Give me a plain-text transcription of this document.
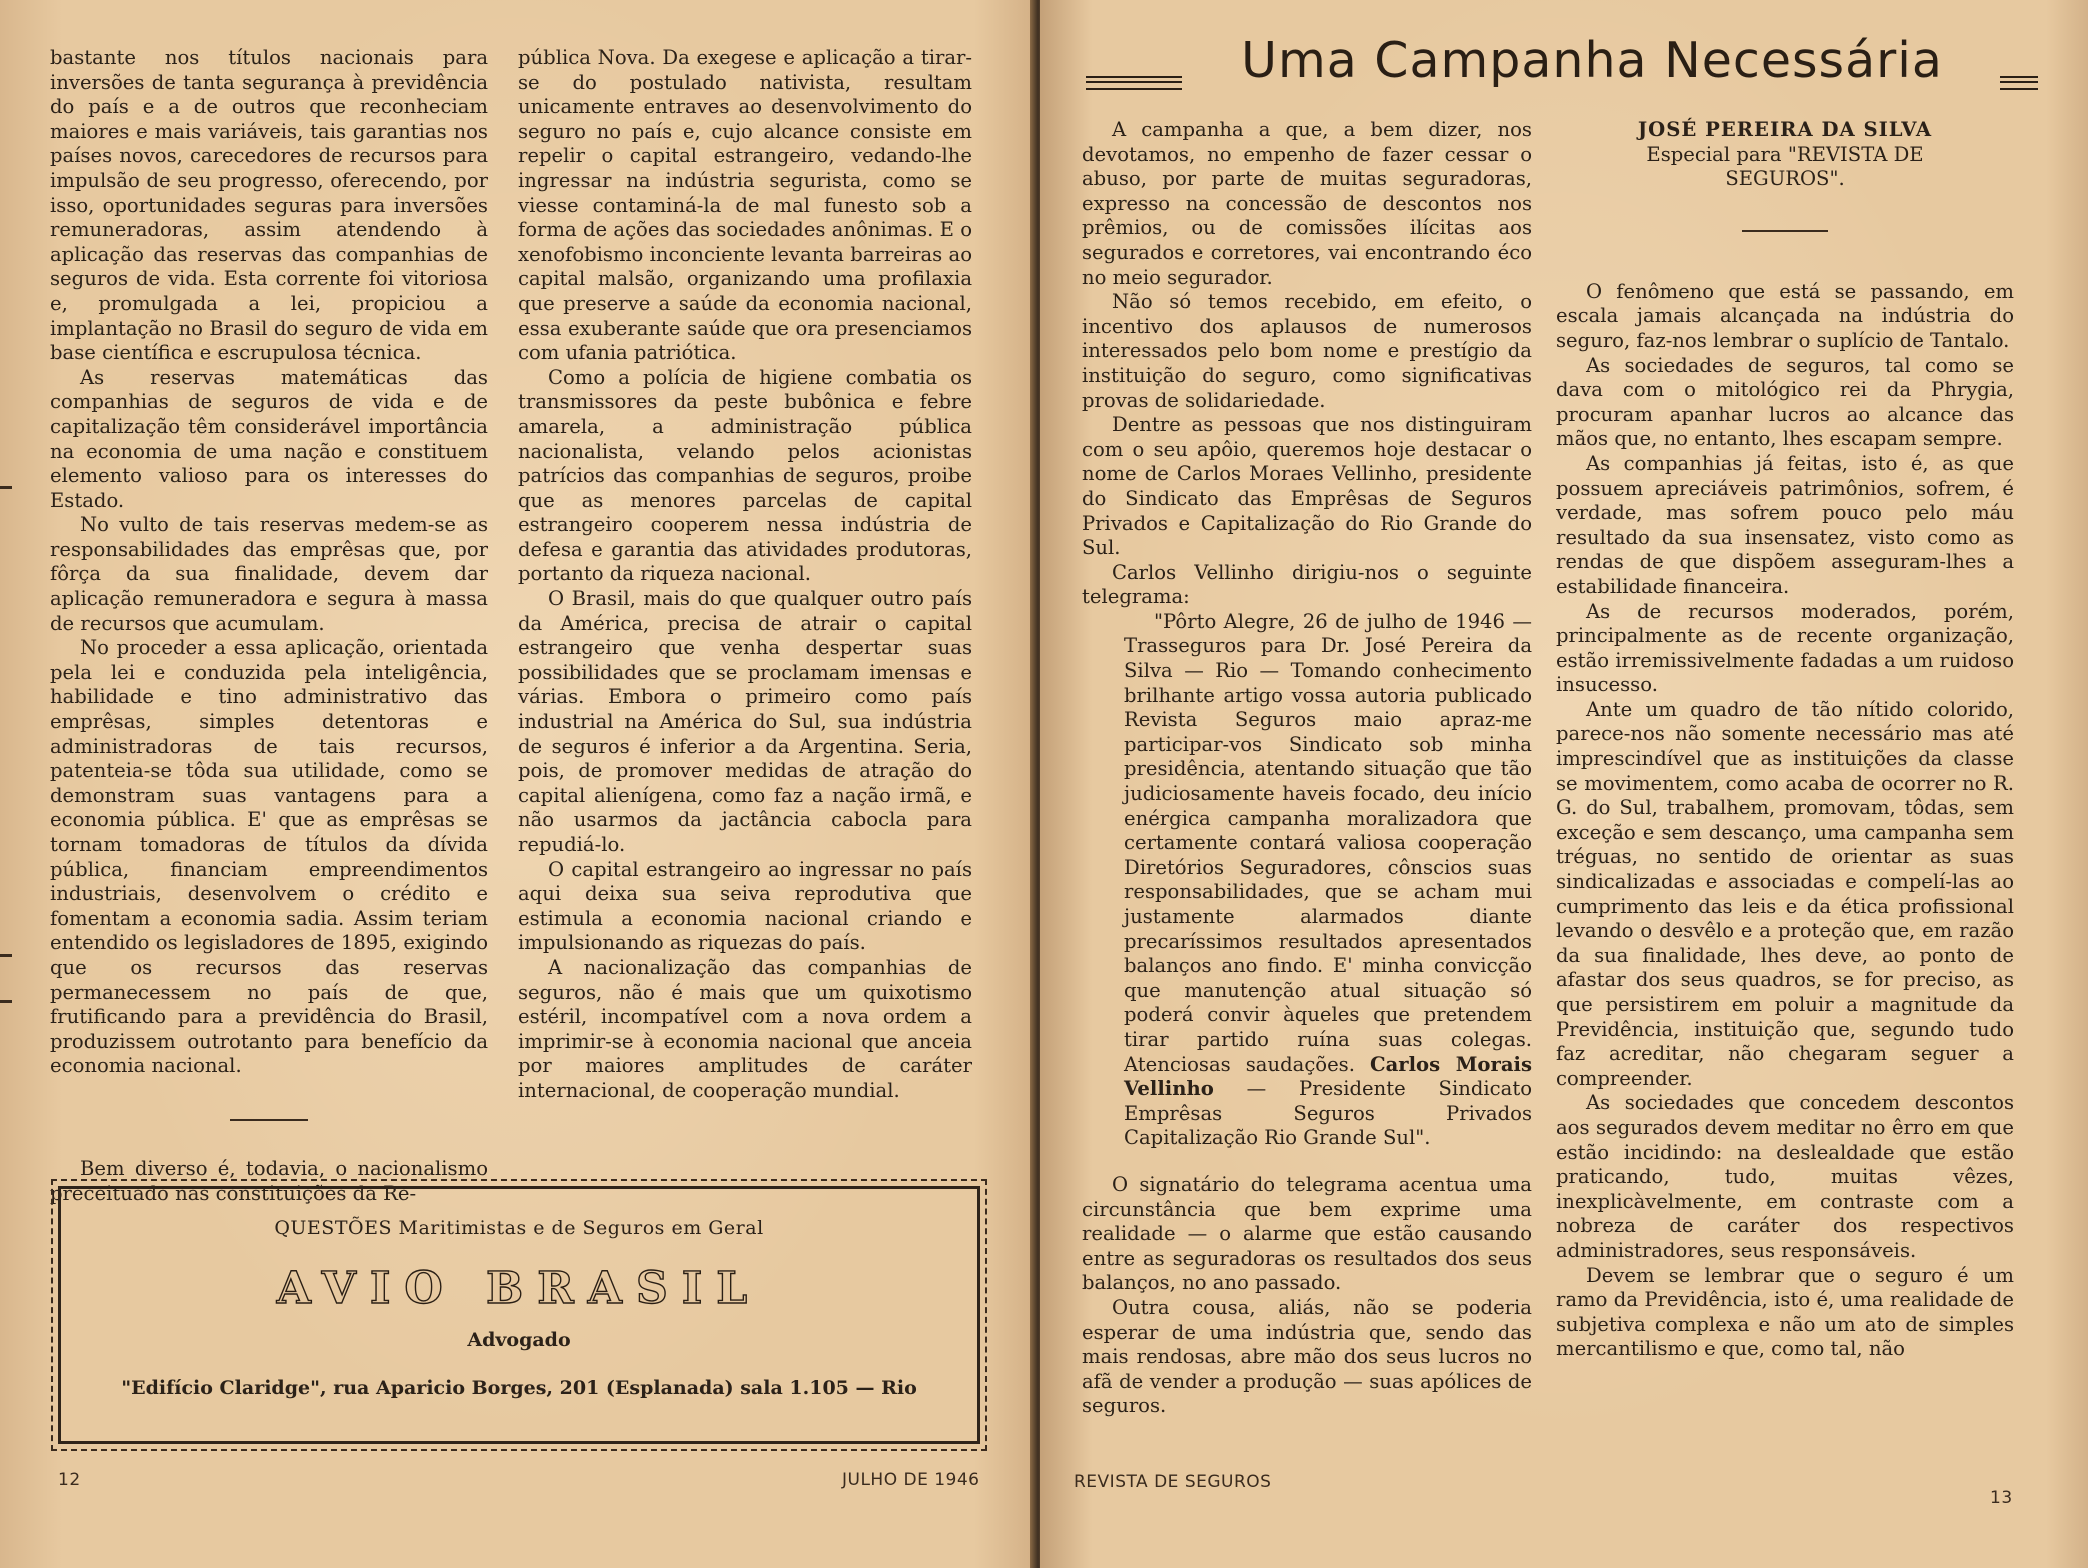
bastante nos títulos nacionais para inversões de tanta segurança à previdência do país e a de outros que reconheciam maiores e mais variáveis, tais garantias nos países novos, carecedores de recursos para impulsão de seu progresso, oferecendo, por isso, oportunidades seguras para inversões remuneradoras, assim atendendo à aplicação das reservas das companhias de seguros de vida. Esta corrente foi vitoriosa e, promulgada a lei, propiciou a implantação no Brasil do seguro de vida em base científica e escrupulosa técnica.

As reservas matemáticas das companhias de seguros de vida e de capitalização têm considerável importância na economia de uma nação e constituem elemento valioso para os interesses do Estado.

No vulto de tais reservas medem-se as responsabilidades das emprêsas que, por fôrça da sua finalidade, devem dar aplicação remuneradora e segura à massa de recursos que acumulam.

No proceder a essa aplicação, orientada pela lei e conduzida pela inteligência, habilidade e tino administrativo das emprêsas, simples detentoras e administradoras de tais recursos, patenteia-se tôda sua utilidade, como se demonstram suas vantagens para a economia pública. E' que as emprêsas se tornam tomadoras de títulos da dívida pública, financiam empreendimentos industriais, desenvolvem o crédito e fomentam a economia sadia. Assim teriam entendido os legisladores de 1895, exigindo que os recursos das reservas permanecessem no país de que, frutificando para a previdência do Brasil, produzissem outrotanto para benefício da economia nacional.

Bem diverso é, todavia, o nacionalismo preceituado nas constituições da Re-

pública Nova. Da exegese e aplicação a tirar-se do postulado nativista, resultam unicamente entraves ao desenvolvimento do seguro no país e, cujo alcance consiste em repelir o capital estrangeiro, vedando-lhe ingressar na indústria segurista, como se viesse contaminá-la de mal funesto sob a forma de ações das sociedades anônimas. E o xenofobismo inconciente levanta barreiras ao capital malsão, organizando uma profilaxia que preserve a saúde da economia nacional, essa exuberante saúde que ora presenciamos com ufania patriótica.

Como a polícia de higiene combatia os transmissores da peste bubônica e febre amarela, a administração pública nacionalista, velando pelos acionistas patrícios das companhias de seguros, proibe que as menores parcelas de capital estrangeiro cooperem nessa indústria de defesa e garantia das atividades produtoras, portanto da riqueza nacional.

O Brasil, mais do que qualquer outro país da América, precisa de atrair o capital estrangeiro que venha despertar suas possibilidades que se proclamam imensas e várias. Embora o primeiro como país industrial na América do Sul, sua indústria de seguros é inferior a da Argentina. Seria, pois, de promover medidas de atração do capital alienígena, como faz a nação irmã, e não usarmos da jactância cabocla para repudiá-lo.

O capital estrangeiro ao ingressar no país aqui deixa sua seiva reprodutiva que estimula a economia nacional criando e impulsionando as riquezas do país.

A nacionalização das companhias de seguros, não é mais que um quixotismo estéril, incompatível com a nova ordem a imprimir-se à economia nacional que anceia por maiores amplitudes de caráter internacional, de cooperação mundial.

QUESTÕES Maritimistas e de Seguros em Geral
AVIO BRASIL
Advogado
"Edifício Claridge", rua Aparicio Borges, 201 (Esplanada) sala 1.105 — Rio
12	JULHO DE 1946
Uma Campanha Necessária

A campanha a que, a bem dizer, nos devotamos, no empenho de fazer cessar o abuso, por parte de muitas seguradoras, expresso na concessão de descontos nos prêmios, ou de comissões ilícitas aos segurados e corretores, vai encontrando éco no meio segurador.

Não só temos recebido, em efeito, o incentivo dos aplausos de numerosos interessados pelo bom nome e prestígio da instituição do seguro, como significativas provas de solidariedade.

Dentre as pessoas que nos distinguiram com o seu apôio, queremos hoje destacar o nome de Carlos Moraes Vellinho, presidente do Sindicato das Emprêsas de Seguros Privados e Capitalização do Rio Grande do Sul.

Carlos Vellinho dirigiu-nos o seguinte telegrama:

"Pôrto Alegre, 26 de julho de 1946 — Trasseguros para Dr. José Pereira da Silva — Rio — Tomando conhecimento brilhante artigo vossa autoria publicado Revista Seguros maio apraz-me participar-vos Sindicato sob minha presidência, atentando situação que tão judiciosamente haveis focado, deu início enérgica campanha moralizadora que certamente contará valiosa cooperação Diretórios Seguradores, cônscios suas responsabilidades, que se acham mui justamente alarmados diante precaríssimos resultados apresentados balanços ano findo. E' minha convicção que manutenção atual situação só poderá convir àqueles que pretendem tirar partido ruína suas colegas. Atenciosas saudações. Carlos Morais Vellinho — Presidente Sindicato Emprêsas Seguros Privados Capitalização Rio Grande Sul".

O signatário do telegrama acentua uma circunstância que bem exprime uma realidade — o alarme que estão causando entre as seguradoras os resultados dos seus balanços, no ano passado.

Outra cousa, aliás, não se poderia esperar de uma indústria que, sendo das mais rendosas, abre mão dos seus lucros no afã de vender a produção — suas apólices de seguros.

JOSÉ PEREIRA DA SILVA

Especial para "REVISTA DE SEGUROS".

O fenômeno que está se passando, em escala jamais alcançada na indústria do seguro, faz-nos lembrar o suplício de Tantalo.

As sociedades de seguros, tal como se dava com o mitológico rei da Phrygia, procuram apanhar lucros ao alcance das mãos que, no entanto, lhes escapam sempre.

As companhias já feitas, isto é, as que possuem apreciáveis patrimônios, sofrem, é verdade, mas sofrem pouco pelo máu resultado da sua insensatez, visto como as rendas de que dispõem asseguram-lhes a estabilidade financeira.

As de recursos moderados, porém, principalmente as de recente organização, estão irremissivelmente fadadas a um ruidoso insucesso.

Ante um quadro de tão nítido colorido, parece-nos não somente necessário mas até imprescindível que as instituições da classe se movimentem, como acaba de ocorrer no R. G. do Sul, trabalhem, promovam, tôdas, sem exceção e sem descanço, uma campanha sem tréguas, no sentido de orientar as suas sindicalizadas e associadas e compelí-las ao cumprimento das leis e da ética profissional levando o desvêlo e a proteção que, em razão da sua finalidade, lhes deve, ao ponto de afastar dos seus quadros, se for preciso, as que persistirem em poluir a magnitude da Previdência, instituição que, segundo tudo faz acreditar, não chegaram seguer a compreender.

As sociedades que concedem descontos aos segurados devem meditar no êrro em que estão incidindo: na deslealdade que estão praticando, tudo, muitas vêzes, inexplicàvelmente, em contraste com a nobreza de caráter dos respectivos administradores, seus responsáveis.

Devem se lembrar que o seguro é um ramo da Previdência, isto é, uma realidade de subjetiva complexa e não um ato de simples mercantilismo e que, como tal, não

REVISTA DE SEGUROS
13
